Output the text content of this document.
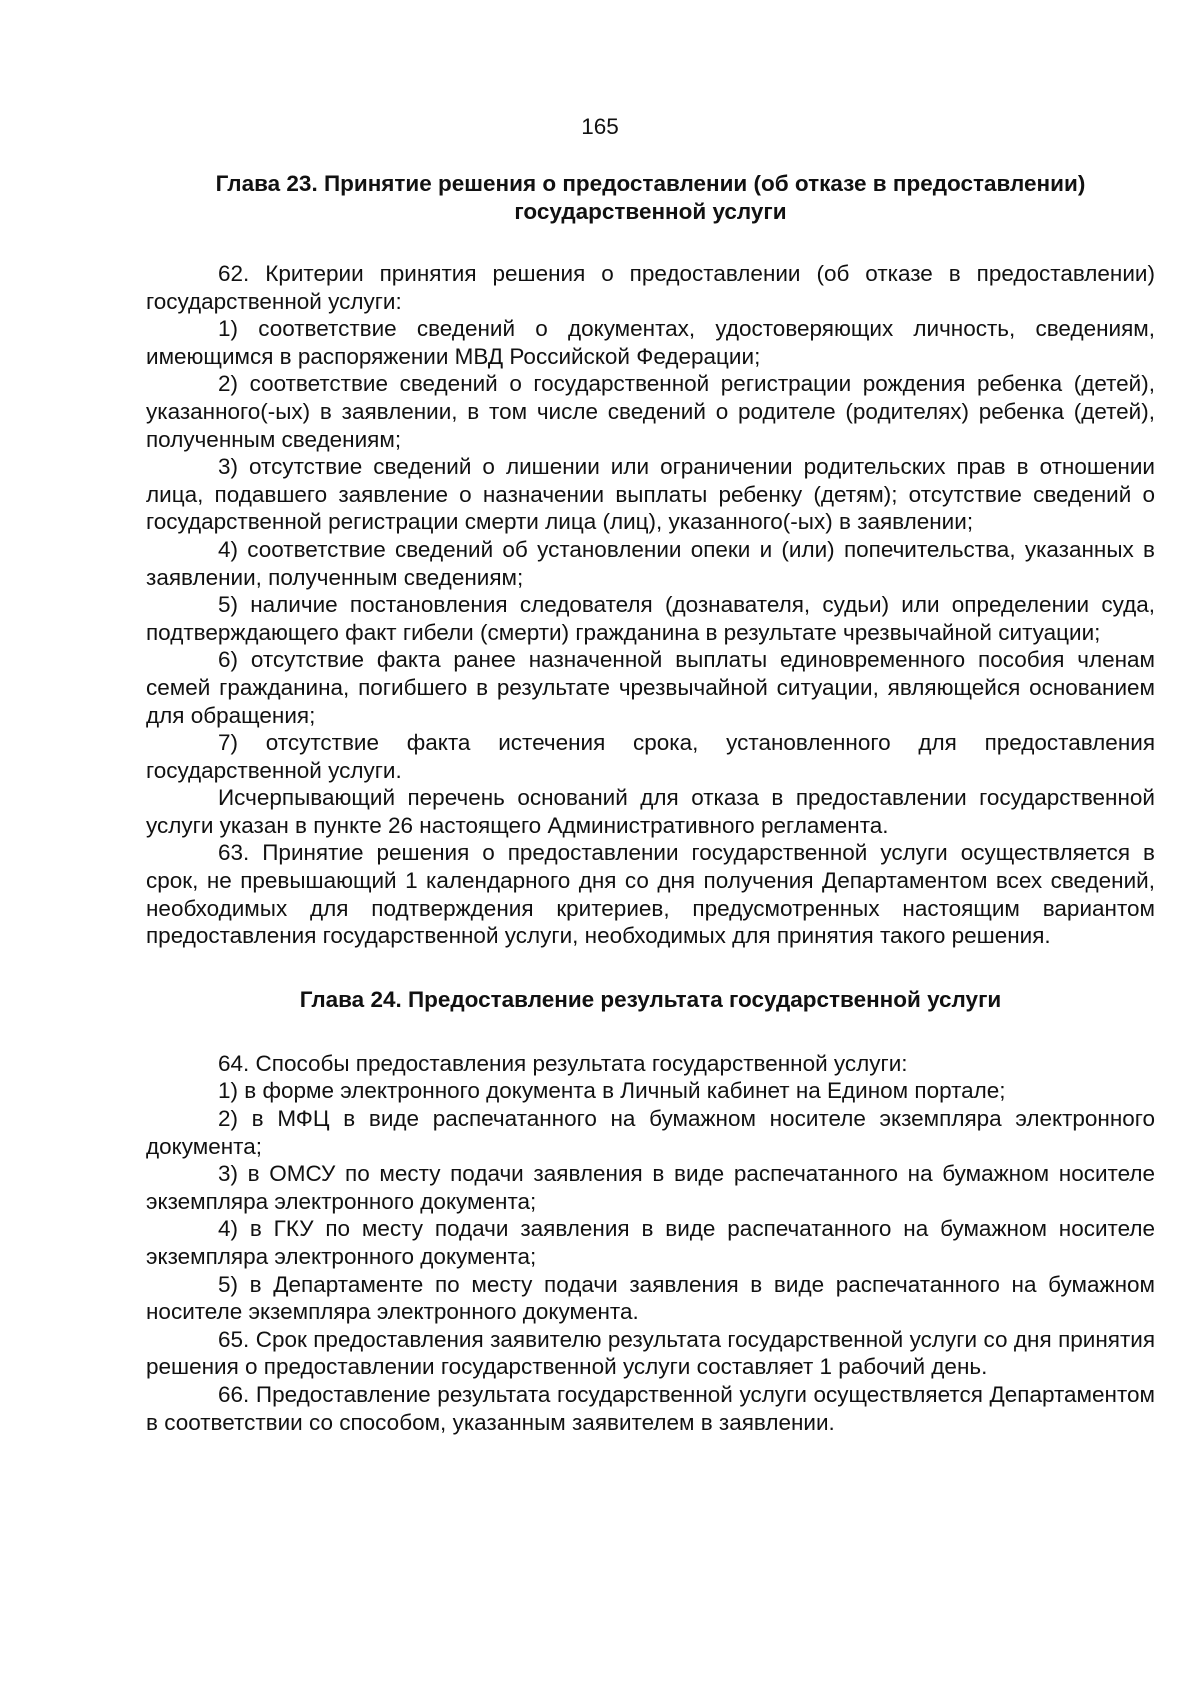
165
Глава 23. Принятие решения о предоставлении (об отказе в предоставлении) государственной услуги

62. Критерии принятия решения о предоставлении (об отказе в предоставлении) государственной услуги:

1) соответствие сведений о документах, удостоверяющих личность, сведениям, имеющимся в распоряжении МВД Российской Федерации;

2) соответствие сведений о государственной регистрации рождения ребенка (детей), указанного(-ых) в заявлении, в том числе сведений о родителе (родителях) ребенка (детей), полученным сведениям;

3) отсутствие сведений о лишении или ограничении родительских прав в отношении лица, подавшего заявление о назначении выплаты ребенку (детям); отсутствие сведений о государственной регистрации смерти лица (лиц), указанного(-ых) в заявлении;

4) соответствие сведений об установлении опеки и (или) попечительства, указанных в заявлении, полученным сведениям;

5) наличие постановления следователя (дознавателя, судьи) или определении суда, подтверждающего факт гибели (смерти) гражданина в результате чрезвычайной ситуации;

6) отсутствие факта ранее назначенной выплаты единовременного пособия членам семей гражданина, погибшего в результате чрезвычайной ситуации, являющейся основанием для обращения;

7) отсутствие факта истечения срока, установленного для предоставления государственной услуги.

Исчерпывающий перечень оснований для отказа в предоставлении государственной услуги указан в пункте 26 настоящего Административного регламента.

63. Принятие решения о предоставлении государственной услуги осуществляется в срок, не превышающий 1 календарного дня со дня получения Департаментом всех сведений, необходимых для подтверждения критериев, предусмотренных настоящим вариантом предоставления государственной услуги, необходимых для принятия такого решения.

Глава 24. Предоставление результата государственной услуги

64. Способы предоставления результата государственной услуги:

1) в форме электронного документа в Личный кабинет на Едином портале;

2) в МФЦ в виде распечатанного на бумажном носителе экземпляра электронного документа;

3) в ОМСУ по месту подачи заявления в виде распечатанного на бумажном носителе экземпляра электронного документа;

4) в ГКУ по месту подачи заявления в виде распечатанного на бумажном носителе экземпляра электронного документа;

5) в Департаменте по месту подачи заявления в виде распечатанного на бумажном носителе экземпляра электронного документа.

65. Срок предоставления заявителю результата государственной услуги со дня принятия решения о предоставлении государственной услуги составляет 1 рабочий день.

66. Предоставление результата государственной услуги осуществляется Департаментом в соответствии со способом, указанным заявителем в заявлении.
